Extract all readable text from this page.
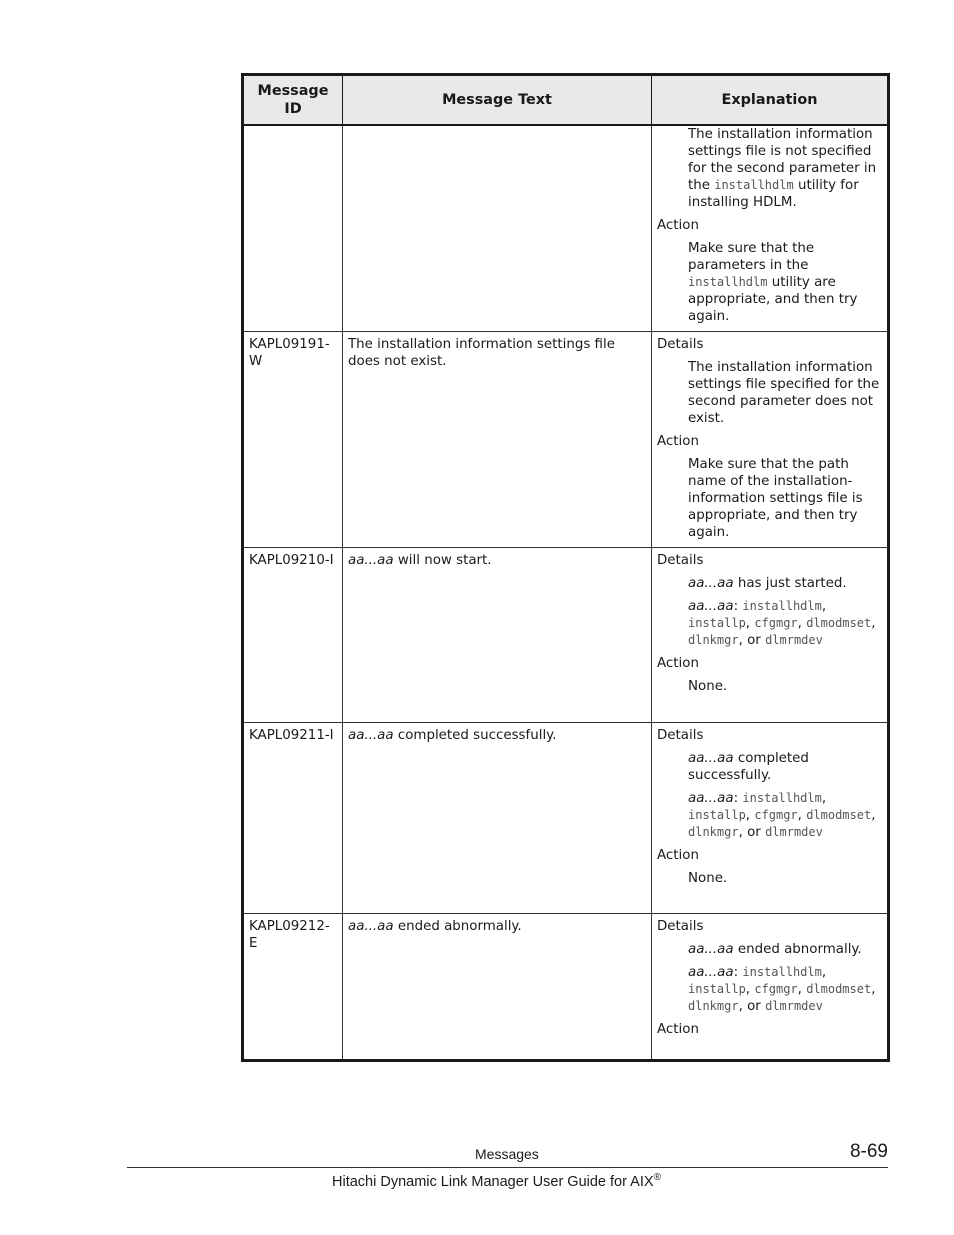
Message ID	Message Text	Explanation

		The installation information settings file is not specified for the second parameter in the installhdlm utility for installing HDLM.
Action
Make sure that the parameters in the installhdlm utility are appropriate, and then try again.

KAPL09191-W	The installation information settings file does not exist.	Details
The installation information settings file specified for the second parameter does not exist.
Action
Make sure that the path name of the installation-information settings file is appropriate, and then try again.

KAPL09210-I	aa...aa will now start.	Details
aa...aa has just started.
aa...aa: installhdlm, installp, cfgmgr, dlmodmset, dlnkmgr, or dlmrmdev
Action
None.

KAPL09211-I	aa...aa completed successfully.	Details
aa...aa completed successfully.
aa...aa: installhdlm, installp, cfgmgr, dlmodmset, dlnkmgr, or dlmrmdev
Action
None.

KAPL09212-E	aa...aa ended abnormally.	Details
aa...aa ended abnormally.
aa...aa: installhdlm, installp, cfgmgr, dlmodmset, dlnkmgr, or dlmrmdev
Action
Messages	8-69
Hitachi Dynamic Link Manager User Guide for AIX®
